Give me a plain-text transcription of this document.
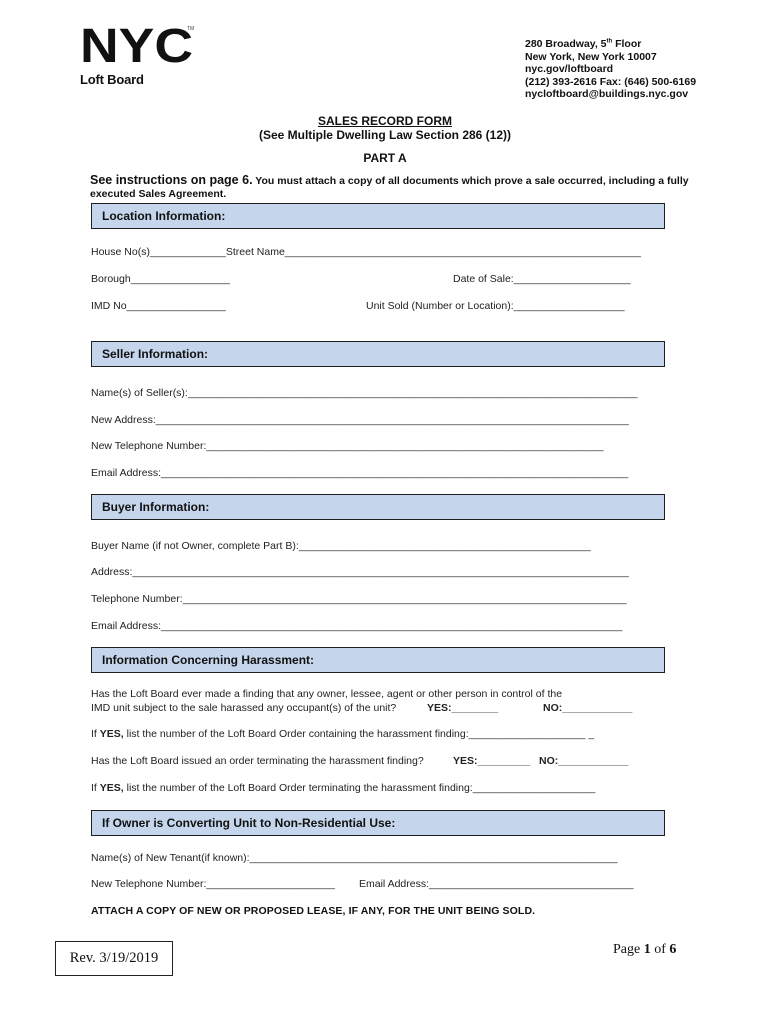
NYC
TM
Loft Board
280 Broadway, 5th Floor
New York, New York 10007
nyc.gov/loftboard
(212) 393-2616 Fax: (646) 500-6169
nycloftboard@buildings.nyc.gov
SALES RECORD FORM
(See Multiple Dwelling Law Section 286 (12))
PART A
See instructions on page 6. You must attach a copy of all documents which prove a sale occurred, including a fully executed Sales Agreement.
Location Information:
House No(s)_____________Street Name_____________________________________________________________
Borough_________________	Date of Sale:____________________
IMD No_________________	Unit Sold (Number or Location):___________________
Seller Information:
Name(s) of Seller(s):_____________________________________________________________________________
New Address:_________________________________________________________________________________
New Telephone Number:____________________________________________________________________
Email Address:________________________________________________________________________________
Buyer Information:
Buyer Name (if not Owner, complete Part B):__________________________________________________
Address:_____________________________________________________________________________________
Telephone Number:____________________________________________________________________________
Email Address:_______________________________________________________________________________
Information Concerning Harassment:
Has the Loft Board ever made a finding that any owner, lessee, agent or other person in control of the
IMD unit subject to the sale harassed any occupant(s) of the unit?	YES:________	NO:____________
If YES, list the number of the Loft Board Order containing the harassment finding:____________________ _
Has the Loft Board issued an order terminating the harassment finding?	YES:_________ NO:____________
If YES, list the number of the Loft Board Order terminating the harassment finding:_____________________
If Owner is Converting Unit to Non-Residential Use:
Name(s) of New Tenant(if known):_______________________________________________________________
New Telephone Number:______________________ Email Address:___________________________________
ATTACH A COPY OF NEW OR PROPOSED LEASE, IF ANY, FOR THE UNIT BEING SOLD.
Rev. 3/19/2019
Page 1 of 6
